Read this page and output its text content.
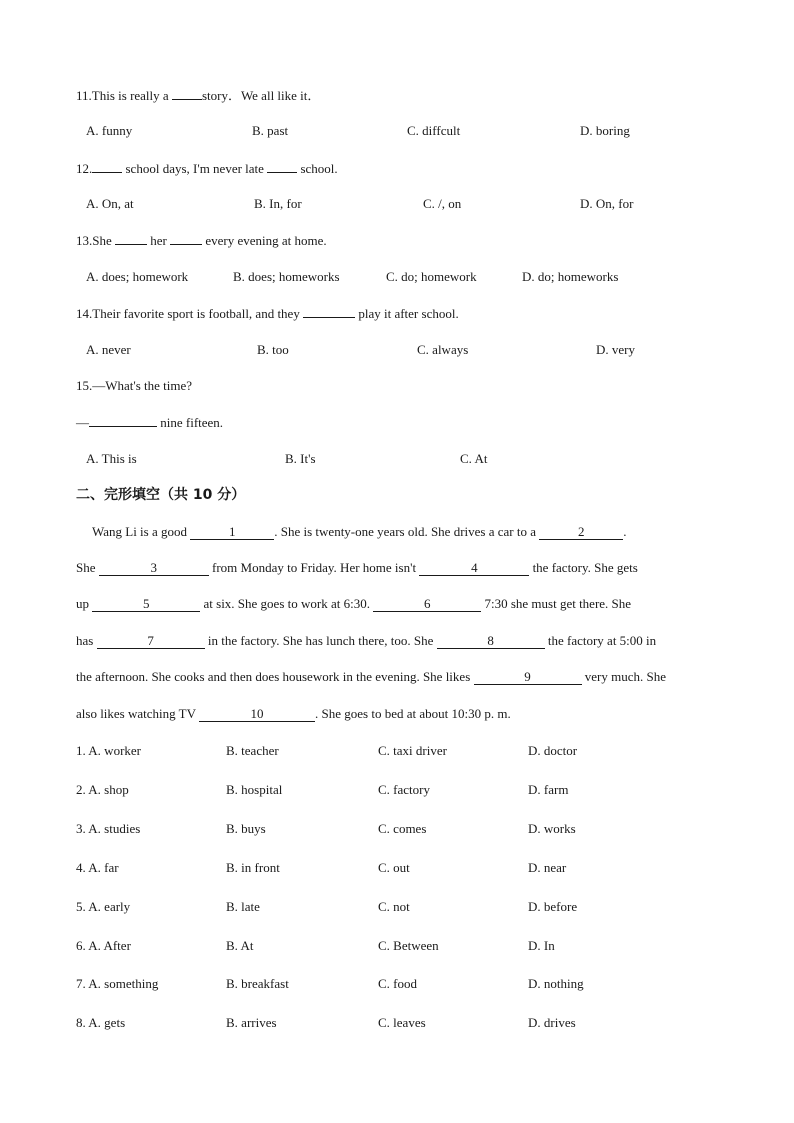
11.This is really a	story．We all like it．
A. funny	B. past	C. diffcult	D. boring
12.	school days, I'm never late	school.
A. On, at	B. In, for	C. /, on	D. On, for
13.She	her	every evening at home.
A. does; homework	B. does; homeworks	C. do; homework	D. do; homeworks
14.Their favorite sport is football, and they	play it after school.
A. never	B. too	C. always	D. very
15.—What's the time?
—	nine fifteen.
A. This is	B. It's	C. At
二、完形填空（共 10 分）
Wang Li is a good	1	. She is twenty-one years old. She drives a car to a	2	.
She	3	from Monday to Friday. Her home isn't	4	the factory. She gets
up	5	at six. She goes to work at 6:30.	6	7:30 she must get there. She
has	7	in the factory. She has lunch there, too. She	8	the factory at 5:00 in
the afternoon. She cooks and then does housework in the evening. She likes	9	very much. She
also likes watching TV	10	. She goes to bed at about 10:30 p. m.
1. A. worker	B. teacher	C. taxi driver	D. doctor
2. A. shop	B. hospital	C. factory	D. farm
3. A. studies	B. buys	C. comes	D. works
4. A. far	B. in front	C. out	D. near
5. A. early	B. late	C. not	D. before
6. A. After	B. At	C. Between	D. In
7. A. something	B. breakfast	C. food	D. nothing
8. A. gets	B. arrives	C. leaves	D. drives
